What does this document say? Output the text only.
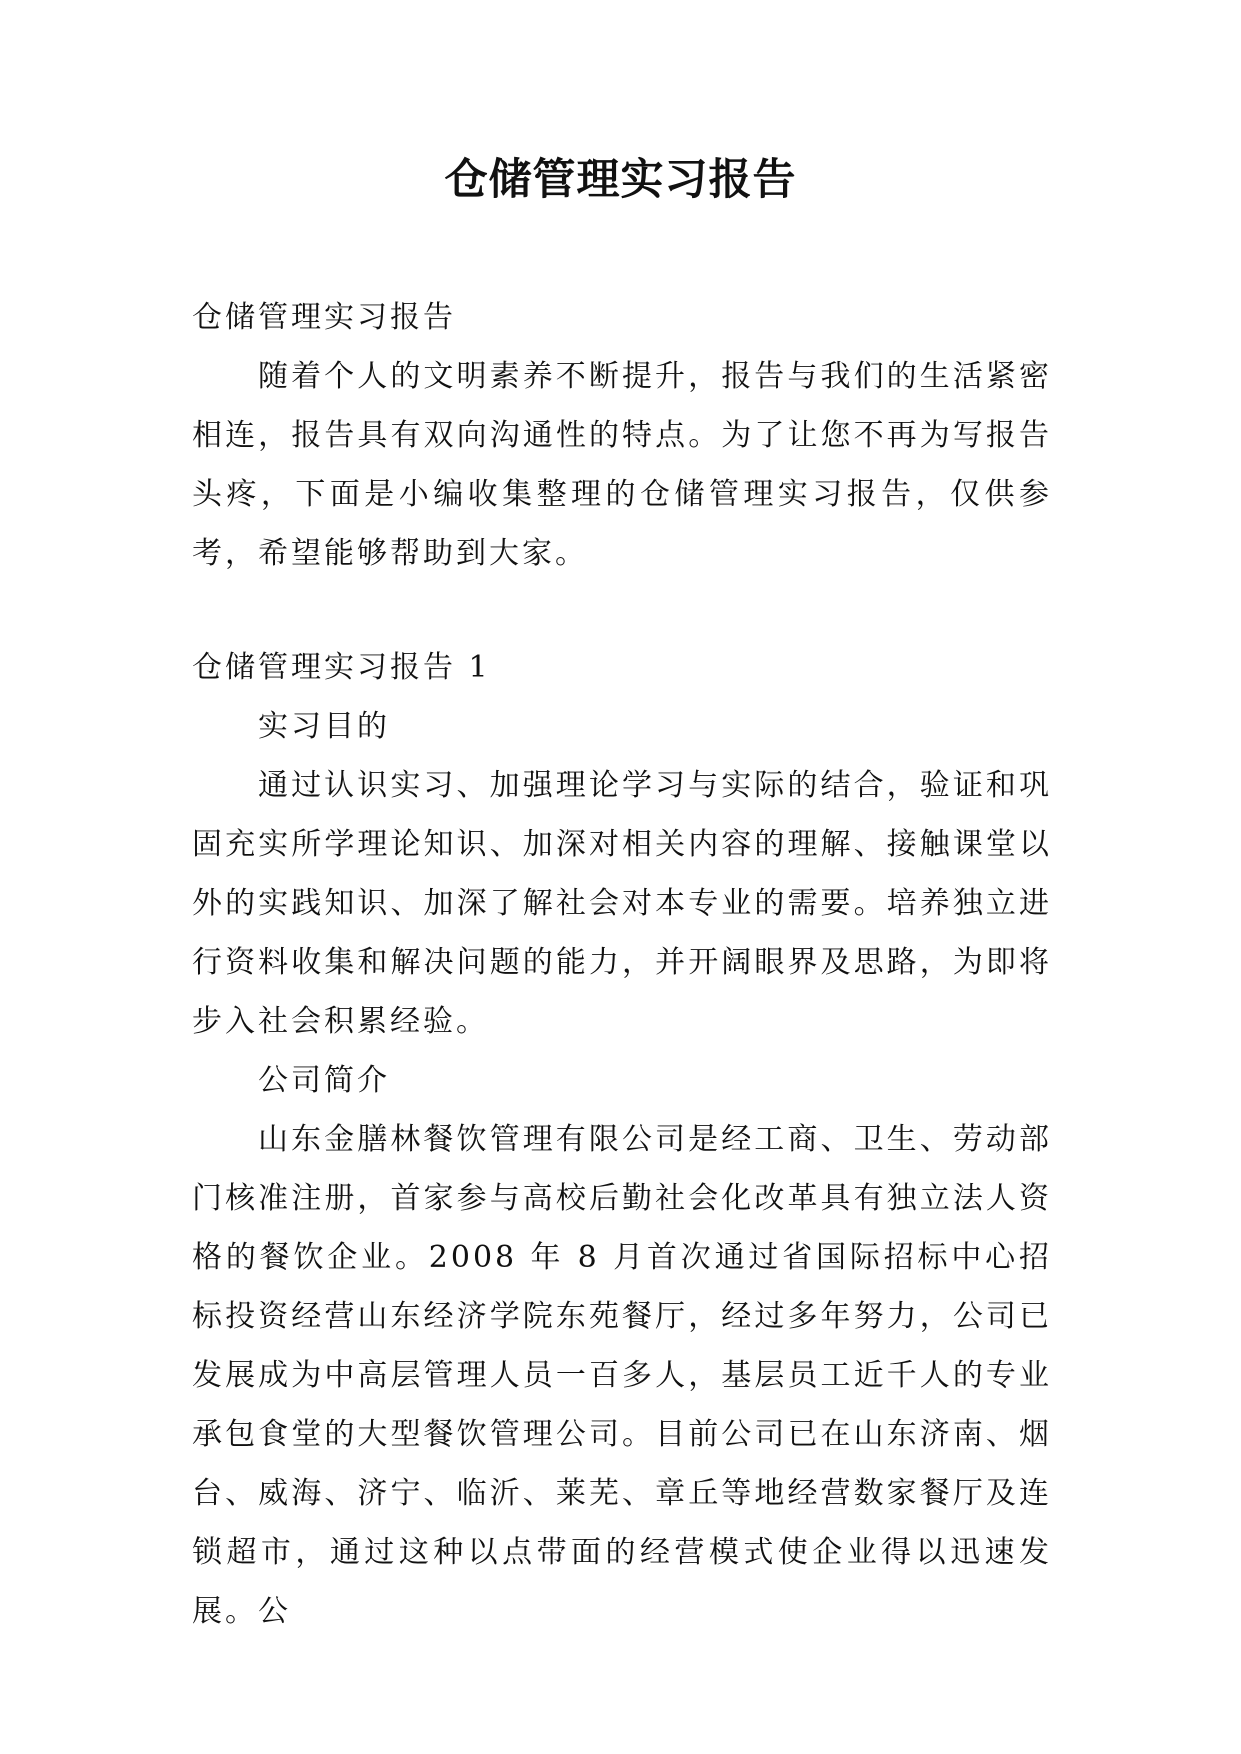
仓储管理实习报告

仓储管理实习报告

随着个人的文明素养不断提升，报告与我们的生活紧密相连，报告具有双向沟通性的特点。为了让您不再为写报告头疼，下面是小编收集整理的仓储管理实习报告，仅供参考，希望能够帮助到大家。

仓储管理实习报告 1

实习目的

通过认识实习、加强理论学习与实际的结合，验证和巩固充实所学理论知识、加深对相关内容的理解、接触课堂以外的实践知识、加深了解社会对本专业的需要。培养独立进行资料收集和解决问题的能力，并开阔眼界及思路，为即将步入社会积累经验。

公司简介

山东金膳林餐饮管理有限公司是经工商、卫生、劳动部门核准注册，首家参与高校后勤社会化改革具有独立法人资格的餐饮企业。2008 年 8 月首次通过省国际招标中心招标投资经营山东经济学院东苑餐厅，经过多年努力，公司已发展成为中高层管理人员一百多人，基层员工近千人的专业承包食堂的大型餐饮管理公司。目前公司已在山东济南、烟台、威海、济宁、临沂、莱芜、章丘等地经营数家餐厅及连锁超市，通过这种以点带面的经营模式使企业得以迅速发展。公
